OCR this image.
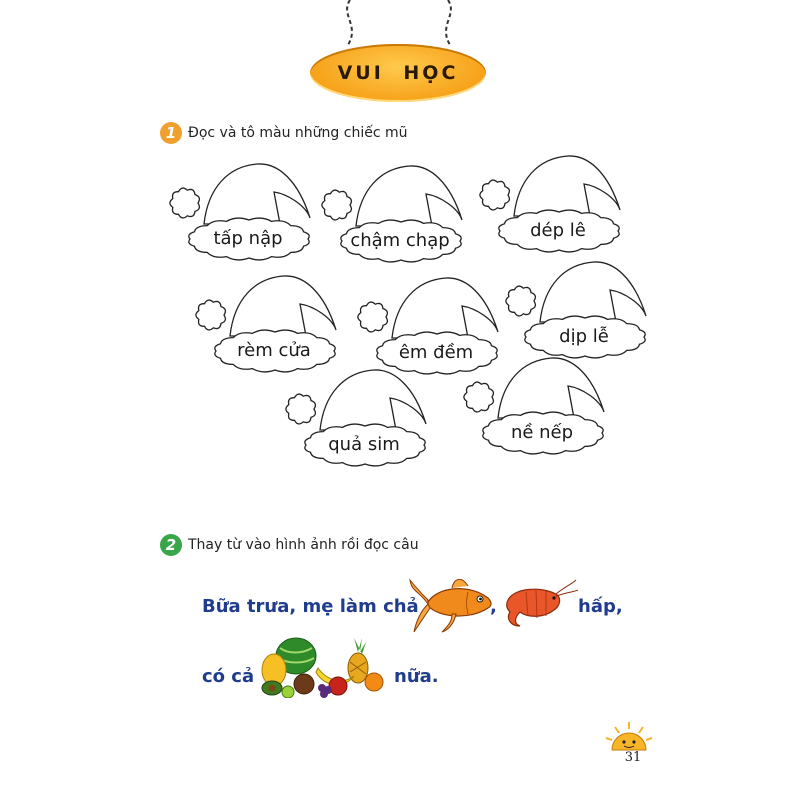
VUI HỌC
1 Đọc và tô màu những chiếc mũ
tấp nập	chậm chạp	dép lê
rèm cửa	êm đềm
dịp lễ
quả sim
nề nếp
2 Thay từ vào hình ảnh rồi đọc câu
Bữa trưa, mẹ làm chả	,	hấp,
có cả	nữa.
31
